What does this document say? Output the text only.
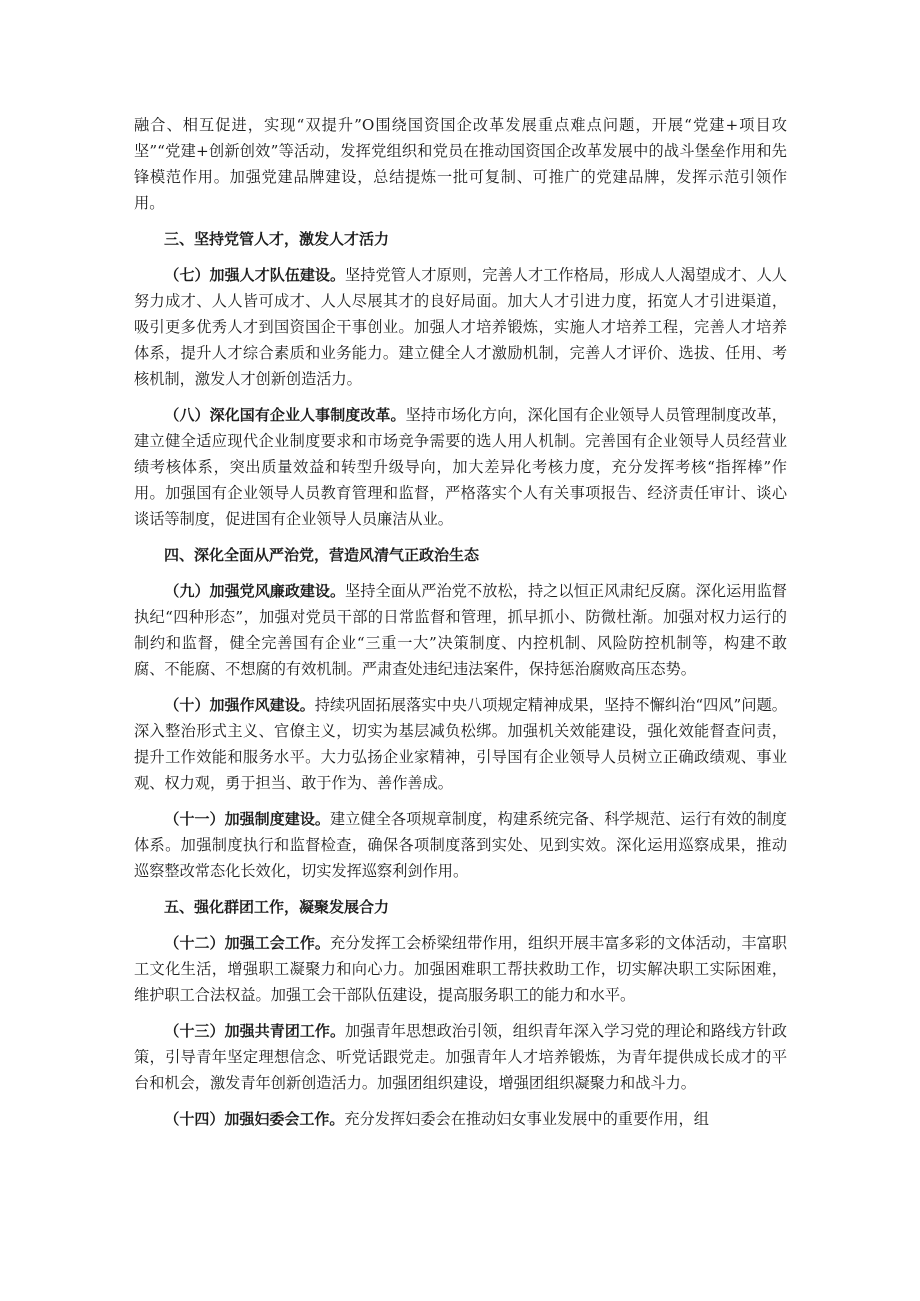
融合、相互促进，实现“双提升”O围绕国资国企改革发展重点难点问题，开展“党建+项目攻坚”“党建+创新创效”等活动，发挥党组织和党员在推动国资国企改革发展中的战斗堡垒作用和先锋模范作用。加强党建品牌建设，总结提炼一批可复制、可推广的党建品牌，发挥示范引领作用。

三、坚持党管人才，激发人才活力

（七）加强人才队伍建设。坚持党管人才原则，完善人才工作格局，形成人人渴望成才、人人努力成才、人人皆可成才、人人尽展其才的良好局面。加大人才引进力度，拓宽人才引进渠道，吸引更多优秀人才到国资国企干事创业。加强人才培养锻炼，实施人才培养工程，完善人才培养体系，提升人才综合素质和业务能力。建立健全人才激励机制，完善人才评价、选拔、任用、考核机制，激发人才创新创造活力。

（八）深化国有企业人事制度改革。坚持市场化方向，深化国有企业领导人员管理制度改革，建立健全适应现代企业制度要求和市场竞争需要的选人用人机制。完善国有企业领导人员经营业绩考核体系，突出质量效益和转型升级导向，加大差异化考核力度，充分发挥考核“指挥棒”作用。加强国有企业领导人员教育管理和监督，严格落实个人有关事项报告、经济责任审计、谈心谈话等制度，促进国有企业领导人员廉洁从业。

四、深化全面从严治党，营造风清气正政治生态

（九）加强党风廉政建设。坚持全面从严治党不放松，持之以恒正风肃纪反腐。深化运用监督执纪“四种形态”，加强对党员干部的日常监督和管理，抓早抓小、防微杜渐。加强对权力运行的制约和监督，健全完善国有企业“三重一大”决策制度、内控机制、风险防控机制等，构建不敢腐、不能腐、不想腐的有效机制。严肃查处违纪违法案件，保持惩治腐败高压态势。

（十）加强作风建设。持续巩固拓展落实中央八项规定精神成果，坚持不懈纠治“四风”问题。深入整治形式主义、官僚主义，切实为基层减负松绑。加强机关效能建设，强化效能督查问责，提升工作效能和服务水平。大力弘扬企业家精神，引导国有企业领导人员树立正确政绩观、事业观、权力观，勇于担当、敢于作为、善作善成。

（十一）加强制度建设。建立健全各项规章制度，构建系统完备、科学规范、运行有效的制度体系。加强制度执行和监督检查，确保各项制度落到实处、见到实效。深化运用巡察成果，推动巡察整改常态化长效化，切实发挥巡察利剑作用。

五、强化群团工作，凝聚发展合力

（十二）加强工会工作。充分发挥工会桥梁纽带作用，组织开展丰富多彩的文体活动，丰富职工文化生活，增强职工凝聚力和向心力。加强困难职工帮扶救助工作，切实解决职工实际困难，维护职工合法权益。加强工会干部队伍建设，提高服务职工的能力和水平。

（十三）加强共青团工作。加强青年思想政治引领，组织青年深入学习党的理论和路线方针政策，引导青年坚定理想信念、听党话跟党走。加强青年人才培养锻炼，为青年提供成长成才的平台和机会，激发青年创新创造活力。加强团组织建设，增强团组织凝聚力和战斗力。

（十四）加强妇委会工作。充分发挥妇委会在推动妇女事业发展中的重要作用，组
